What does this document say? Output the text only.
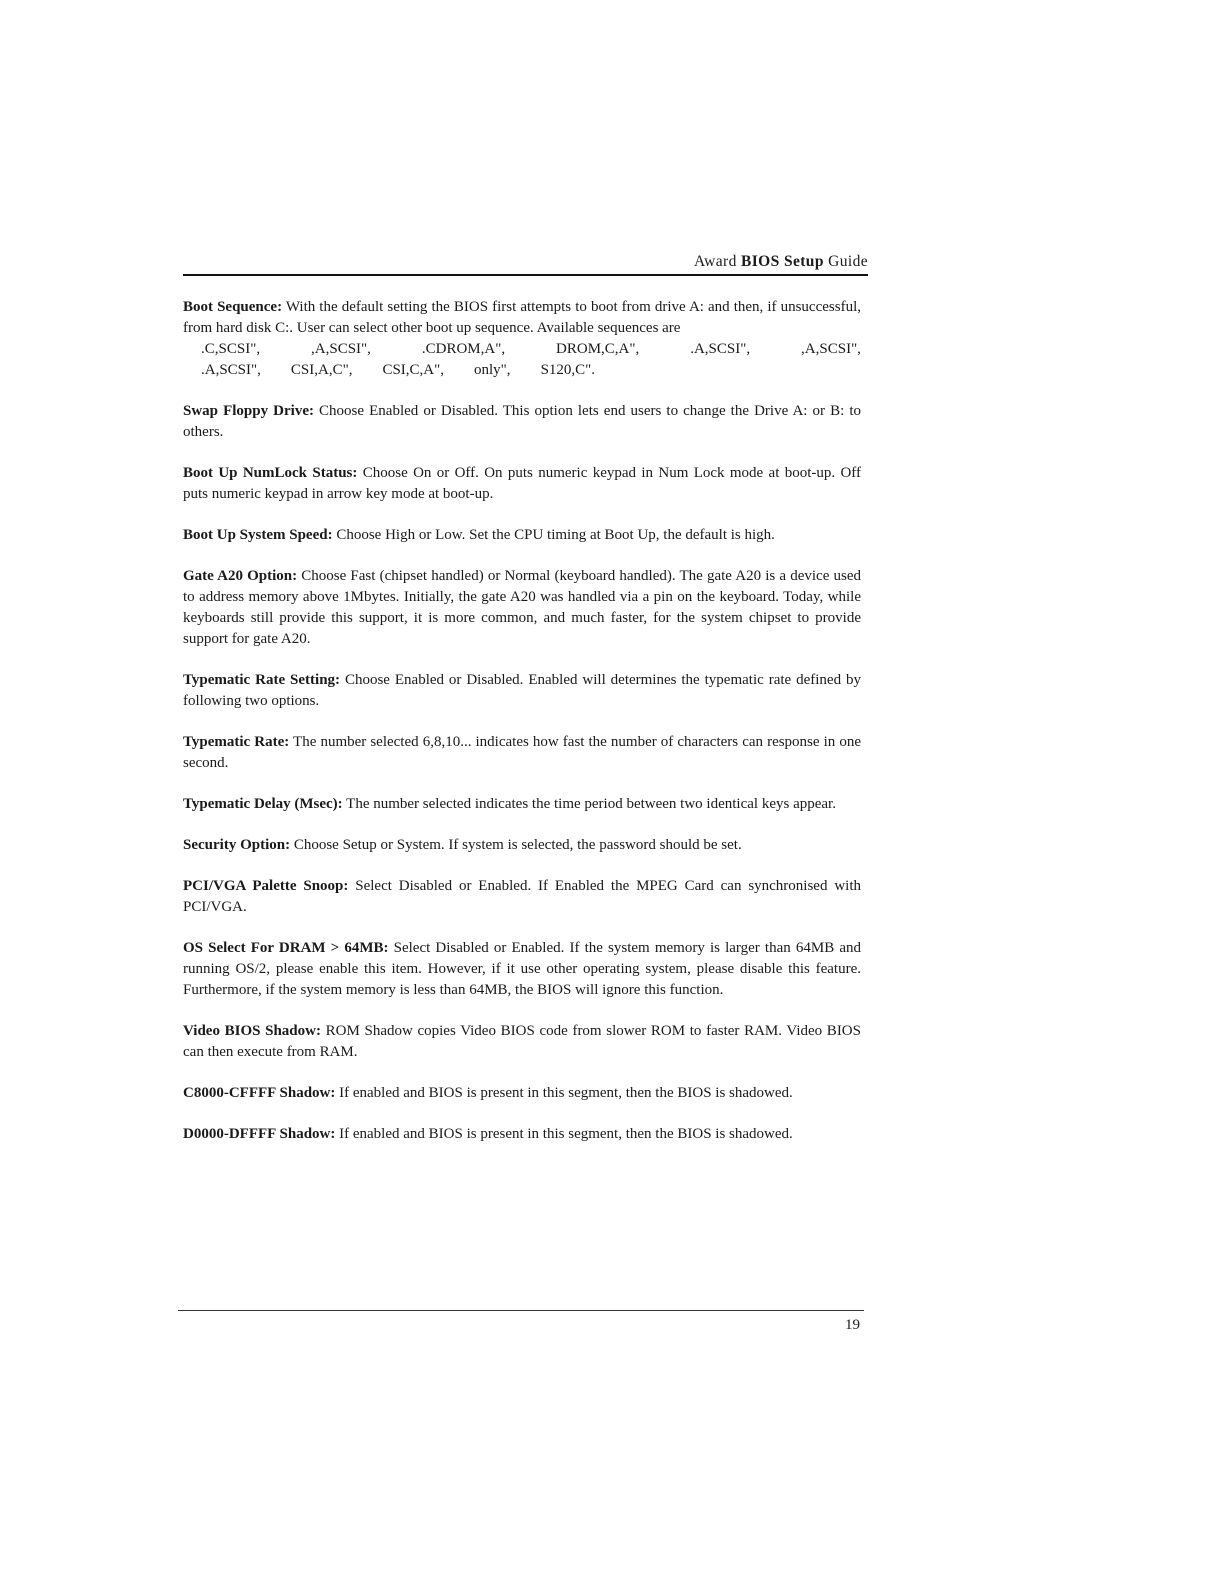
Award BIOS Setup Guide
Boot Sequence: With the default setting the BIOS first attempts to boot from drive A: and then, if unsuccessful, from hard disk C:. User can select other boot up sequence. Available sequences are
.C,SCSI",	,A,SCSI",	.CDROM,A",	DROM,C,A",	.A,SCSI",	,A,SCSI",
.A,SCSI", CSI,A,C", CSI,C,A", only", S120,C".

Swap Floppy Drive: Choose Enabled or Disabled. This option lets end users to change the Drive A: or B: to others.

Boot Up NumLock Status: Choose On or Off. On puts numeric keypad in Num Lock mode at boot-up. Off puts numeric keypad in arrow key mode at boot-up.

Boot Up System Speed: Choose High or Low. Set the CPU timing at Boot Up, the default is high.

Gate A20 Option: Choose Fast (chipset handled) or Normal (keyboard handled). The gate A20 is a device used to address memory above 1Mbytes. Initially, the gate A20 was handled via a pin on the keyboard. Today, while keyboards still provide this support, it is more common, and much faster, for the system chipset to provide support for gate A20.

Typematic Rate Setting: Choose Enabled or Disabled. Enabled will determines the typematic rate defined by following two options.

Typematic Rate: The number selected 6,8,10... indicates how fast the number of characters can response in one second.

Typematic Delay (Msec): The number selected indicates the time period between two identical keys appear.

Security Option: Choose Setup or System. If system is selected, the password should be set.

PCI/VGA Palette Snoop: Select Disabled or Enabled. If Enabled the MPEG Card can synchronised with PCI/VGA.

OS Select For DRAM > 64MB: Select Disabled or Enabled. If the system memory is larger than 64MB and running OS/2, please enable this item. However, if it use other operating system, please disable this feature. Furthermore, if the system memory is less than 64MB, the BIOS will ignore this function.

Video BIOS Shadow: ROM Shadow copies Video BIOS code from slower ROM to faster RAM. Video BIOS can then execute from RAM.

C8000-CFFFF Shadow: If enabled and BIOS is present in this segment, then the BIOS is shadowed.

D0000-DFFFF Shadow: If enabled and BIOS is present in this segment, then the BIOS is shadowed.

19
